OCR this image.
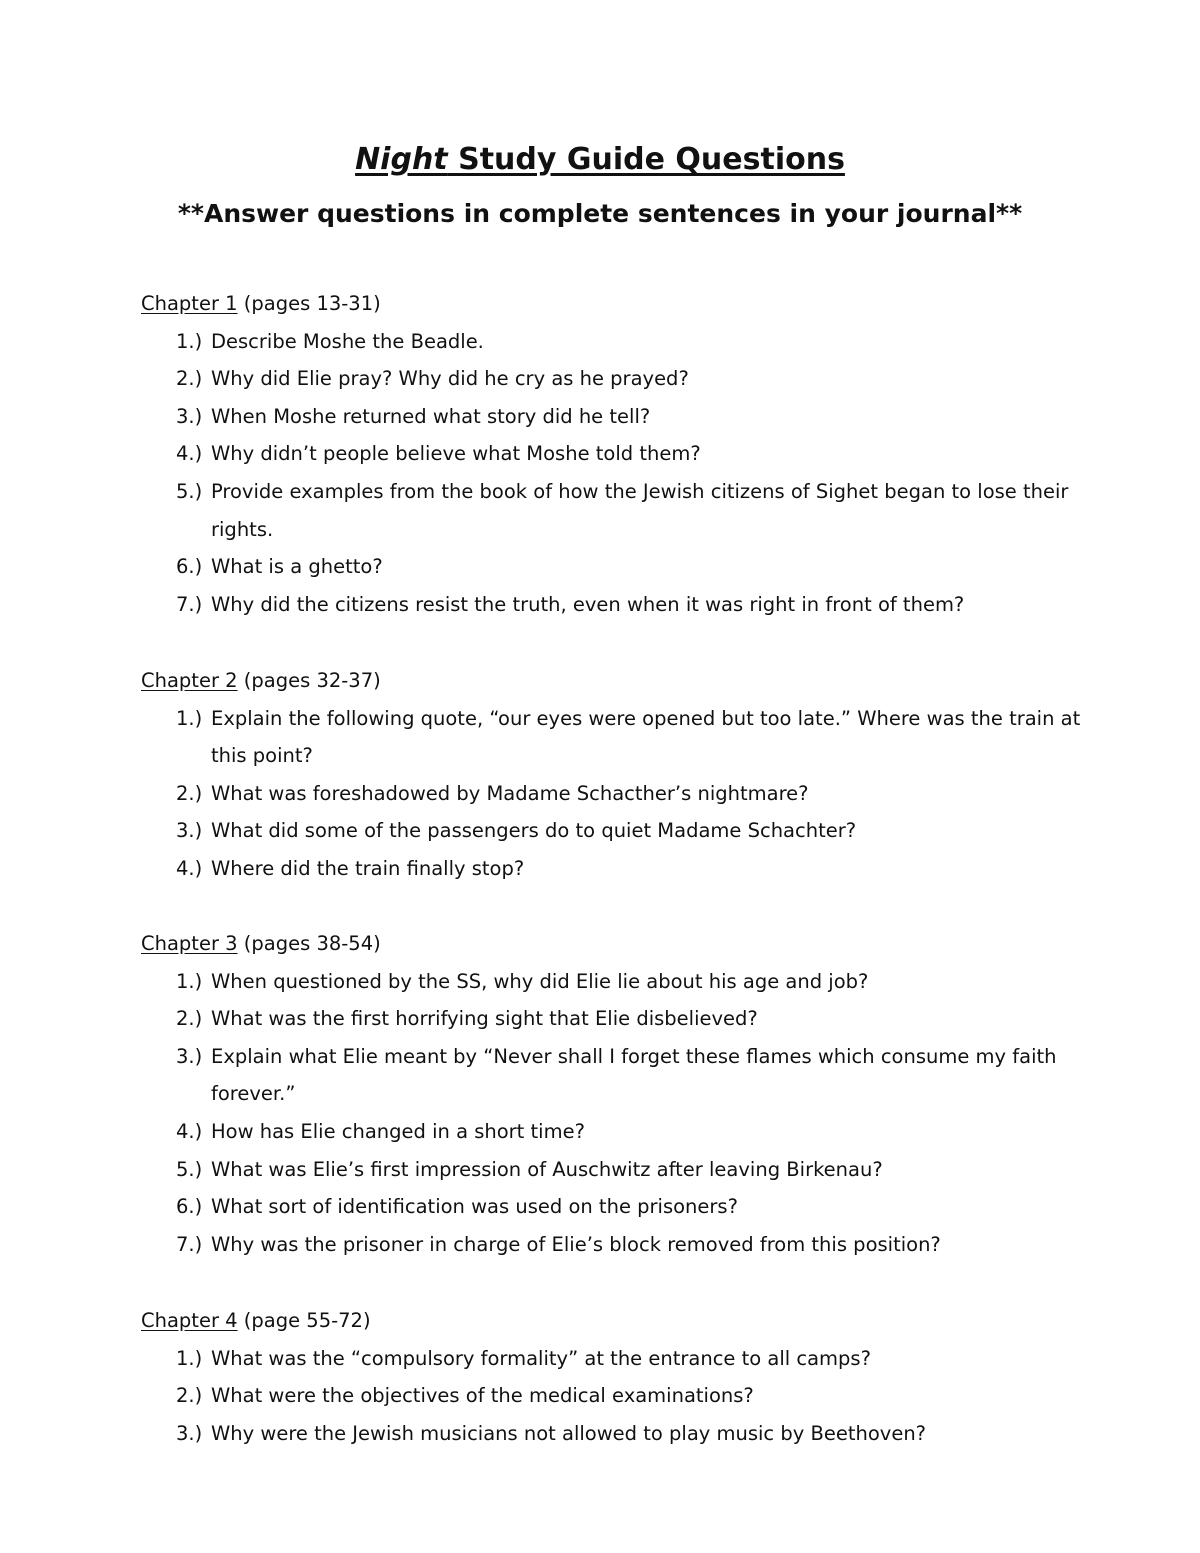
Night Study Guide Questions
**Answer questions in complete sentences in your journal**
Chapter 1 (pages 13-31)
1.) Describe Moshe the Beadle.
2.) Why did Elie pray? Why did he cry as he prayed?
3.) When Moshe returned what story did he tell?
4.) Why didn’t people believe what Moshe told them?
5.) Provide examples from the book of how the Jewish citizens of Sighet began to lose their rights.
6.) What is a ghetto?
7.) Why did the citizens resist the truth, even when it was right in front of them?
Chapter 2 (pages 32-37)
1.) Explain the following quote, “our eyes were opened but too late.” Where was the train at this point?
2.) What was foreshadowed by Madame Schacther’s nightmare?
3.) What did some of the passengers do to quiet Madame Schachter?
4.) Where did the train finally stop?
Chapter 3 (pages 38-54)
1.) When questioned by the SS, why did Elie lie about his age and job?
2.) What was the first horrifying sight that Elie disbelieved?
3.) Explain what Elie meant by “Never shall I forget these flames which consume my faith forever.”
4.) How has Elie changed in a short time?
5.) What was Elie’s first impression of Auschwitz after leaving Birkenau?
6.) What sort of identification was used on the prisoners?
7.) Why was the prisoner in charge of Elie’s block removed from this position?
Chapter 4 (page 55-72)
1.) What was the “compulsory formality” at the entrance to all camps?
2.) What were the objectives of the medical examinations?
3.) Why were the Jewish musicians not allowed to play music by Beethoven?
